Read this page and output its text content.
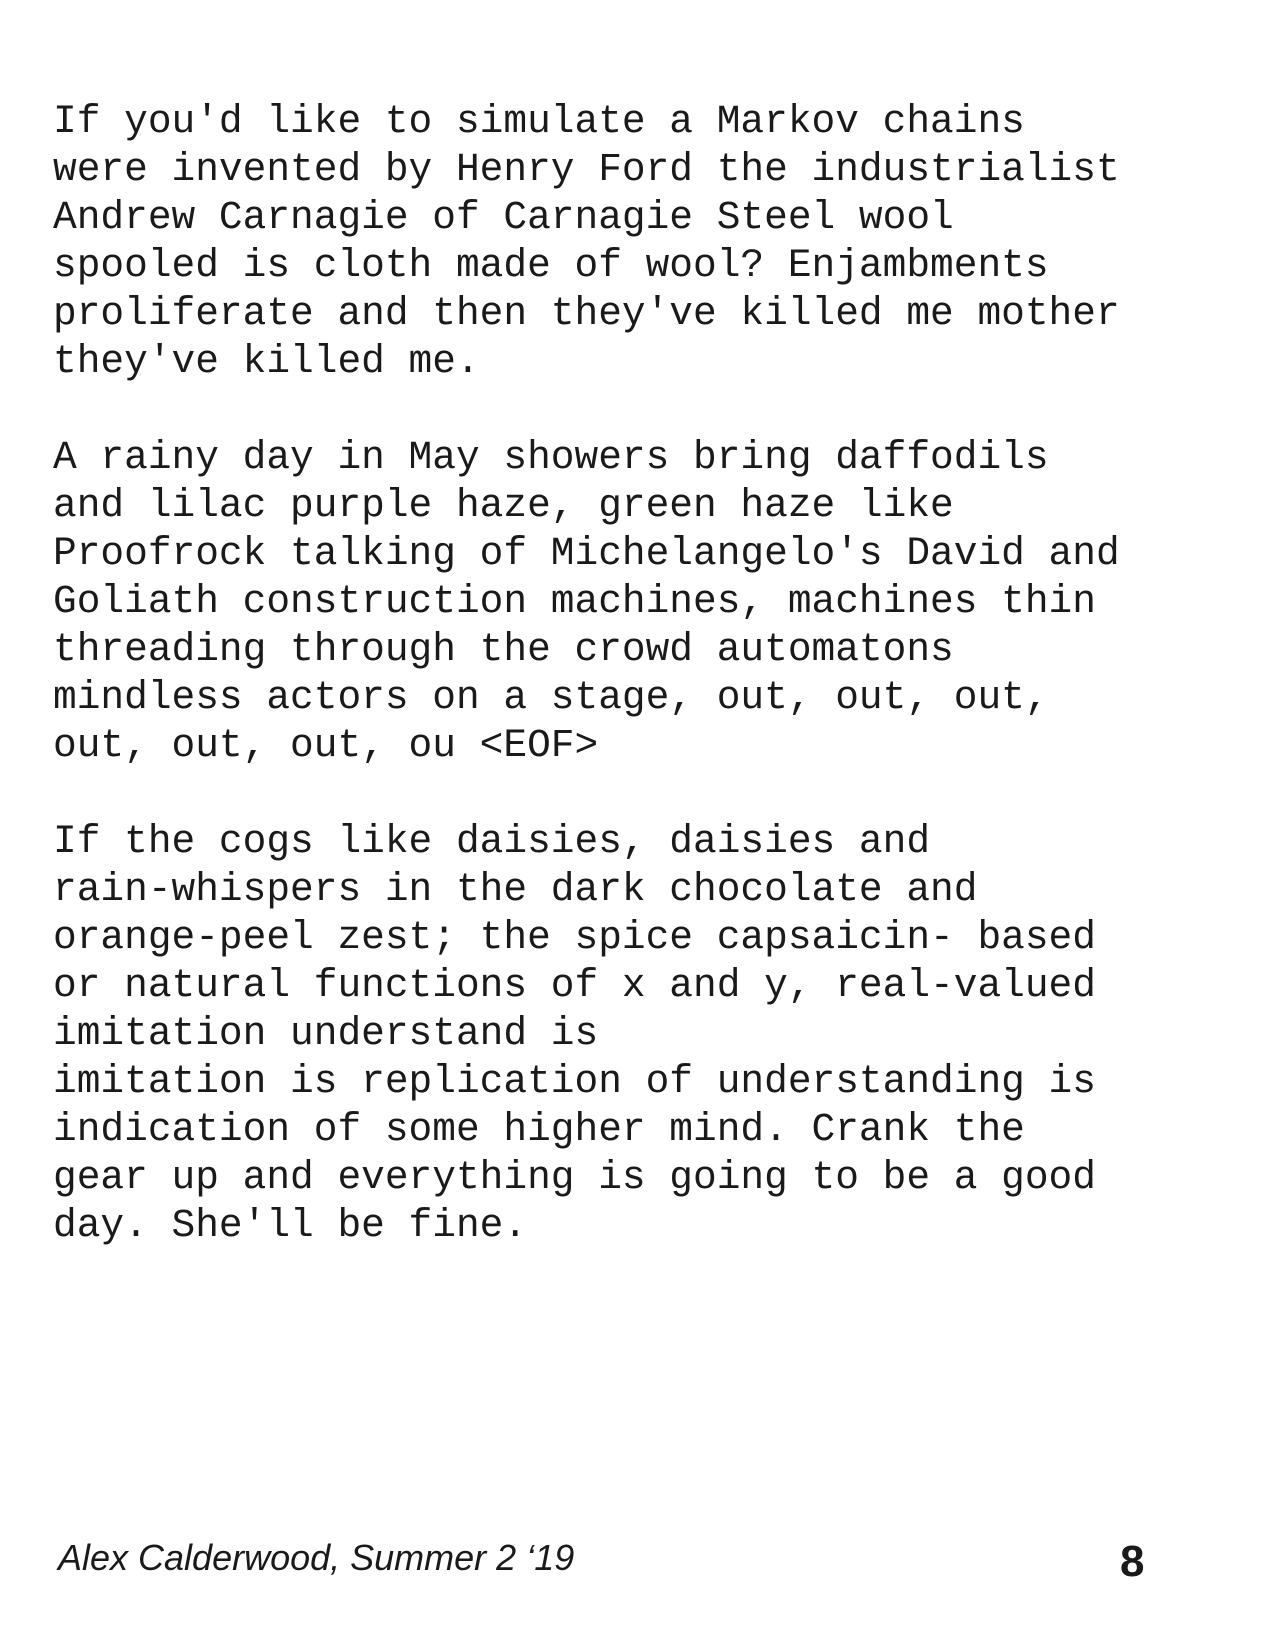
If you'd like to simulate a Markov chains
were invented by Henry Ford the industrialist
Andrew Carnagie of Carnagie Steel wool
spooled is cloth made of wool? Enjambments
proliferate and then they've killed me mother
they've killed me.
A rainy day in May showers bring daffodils
and lilac purple haze, green haze like
Proofrock talking of Michelangelo's David and
Goliath construction machines, machines thin
threading through the crowd automatons
mindless actors on a stage, out, out, out,
out, out, out, ou <EOF>
If the cogs like daisies, daisies and
rain-whispers in the dark chocolate and
orange-peel zest; the spice capsaicin- based
or natural functions of x and y, real-valued
imitation understand is
imitation is replication of understanding is
indication of some higher mind. Crank the
gear up and everything is going to be a good
day. She'll be fine.
Alex Calderwood, Summer 2 ‘19	8
